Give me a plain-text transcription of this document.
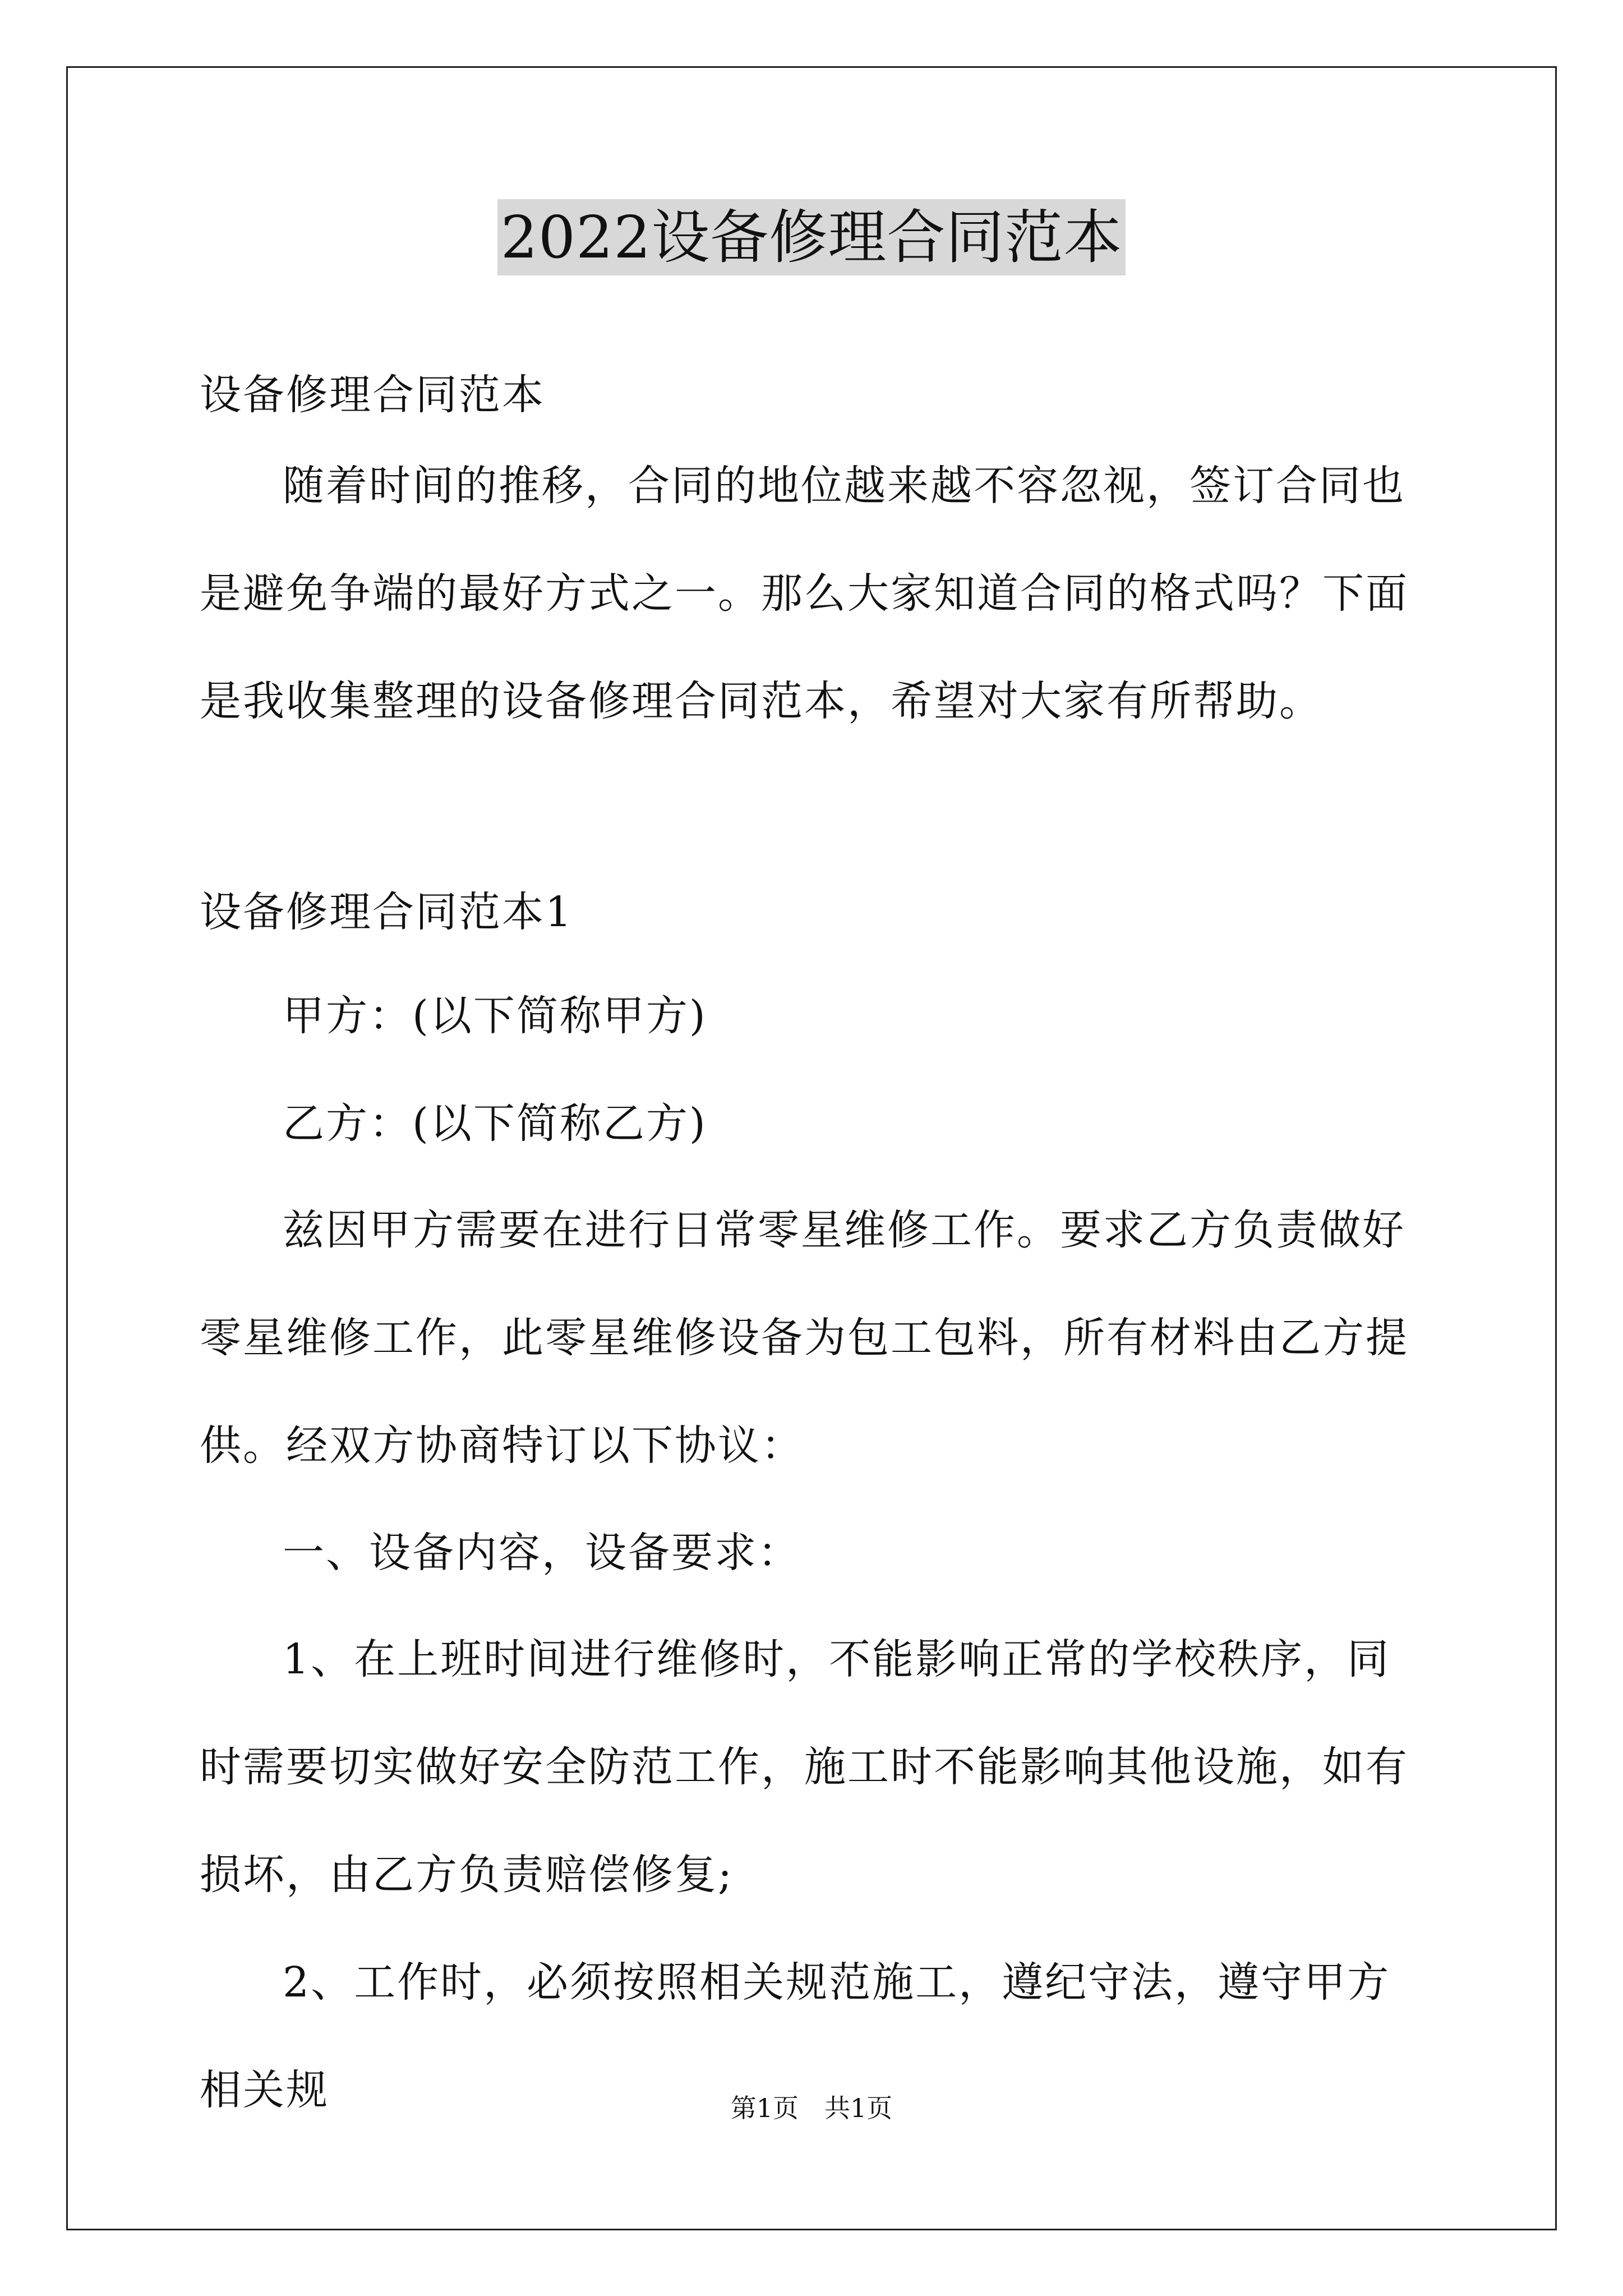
2022设备修理合同范本

设备修理合同范本

随着时间的推移，合同的地位越来越不容忽视，签订合同也是避免争端的最好方式之一。那么大家知道合同的格式吗？下面是我收集整理的设备修理合同范本，希望对大家有所帮助。

设备修理合同范本1

甲方：(以下简称甲方)

乙方：(以下简称乙方)

兹因甲方需要在进行日常零星维修工作。要求乙方负责做好零星维修工作，此零星维修设备为包工包料，所有材料由乙方提供。经双方协商特订以下协议：

一、设备内容，设备要求：

1、在上班时间进行维修时，不能影响正常的学校秩序，同时需要切实做好安全防范工作，施工时不能影响其他设施，如有损坏，由乙方负责赔偿修复;

2、工作时，必须按照相关规范施工，遵纪守法，遵守甲方相关规	第1页　共1页
